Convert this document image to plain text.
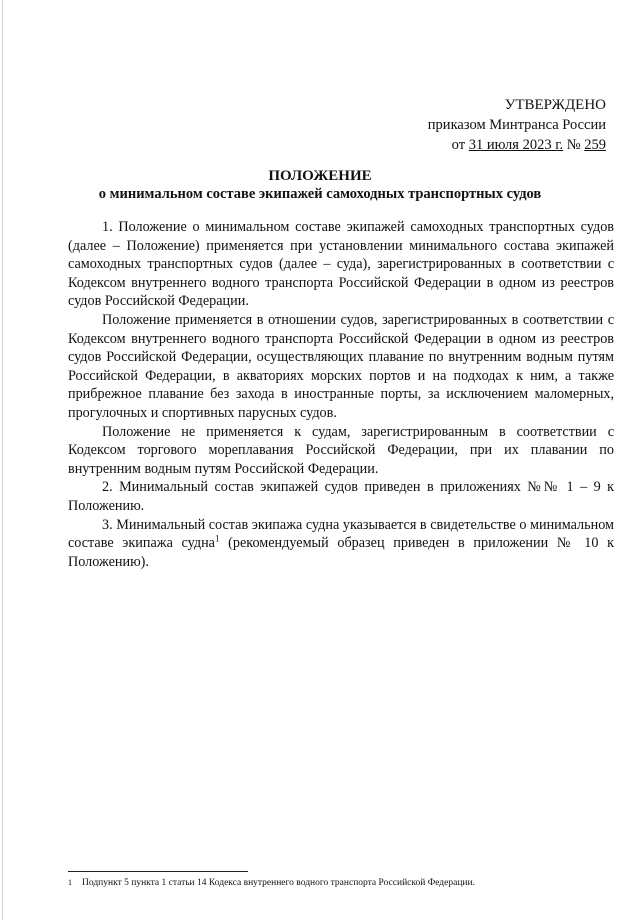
УТВЕРЖДЕНО
приказом Минтранса России
от 31 июля 2023 г. № 259
ПОЛОЖЕНИЕ
о минимальном составе экипажей самоходных транспортных судов

1. Положение о минимальном составе экипажей самоходных транспортных судов (далее – Положение) применяется при установлении минимального состава экипажей самоходных транспортных судов (далее – суда), зарегистрированных в соответствии с Кодексом внутреннего водного транспорта Российской Федерации в одном из реестров судов Российской Федерации.

Положение применяется в отношении судов, зарегистрированных в соответствии с Кодексом внутреннего водного транспорта Российской Федерации в одном из реестров судов Российской Федерации, осуществляющих плавание по внутренним водным путям Российской Федерации, в акваториях морских портов и на подходах к ним, а также прибрежное плавание без захода в иностранные порты, за исключением маломерных, прогулочных и спортивных парусных судов.

Положение не применяется к судам, зарегистрированным в соответствии с Кодексом торгового мореплавания Российской Федерации, при их плавании по внутренним водным путям Российской Федерации.

2. Минимальный состав экипажей судов приведен в приложениях №№ 1 – 9 к Положению.

3. Минимальный состав экипажа судна указывается в свидетельстве о минимальном составе экипажа судна$^1$ (рекомендуемый образец приведен в приложении № 10 к Положению).

1 Подпункт 5 пункта 1 статьи 14 Кодекса внутреннего водного транспорта Российской Федерации.
